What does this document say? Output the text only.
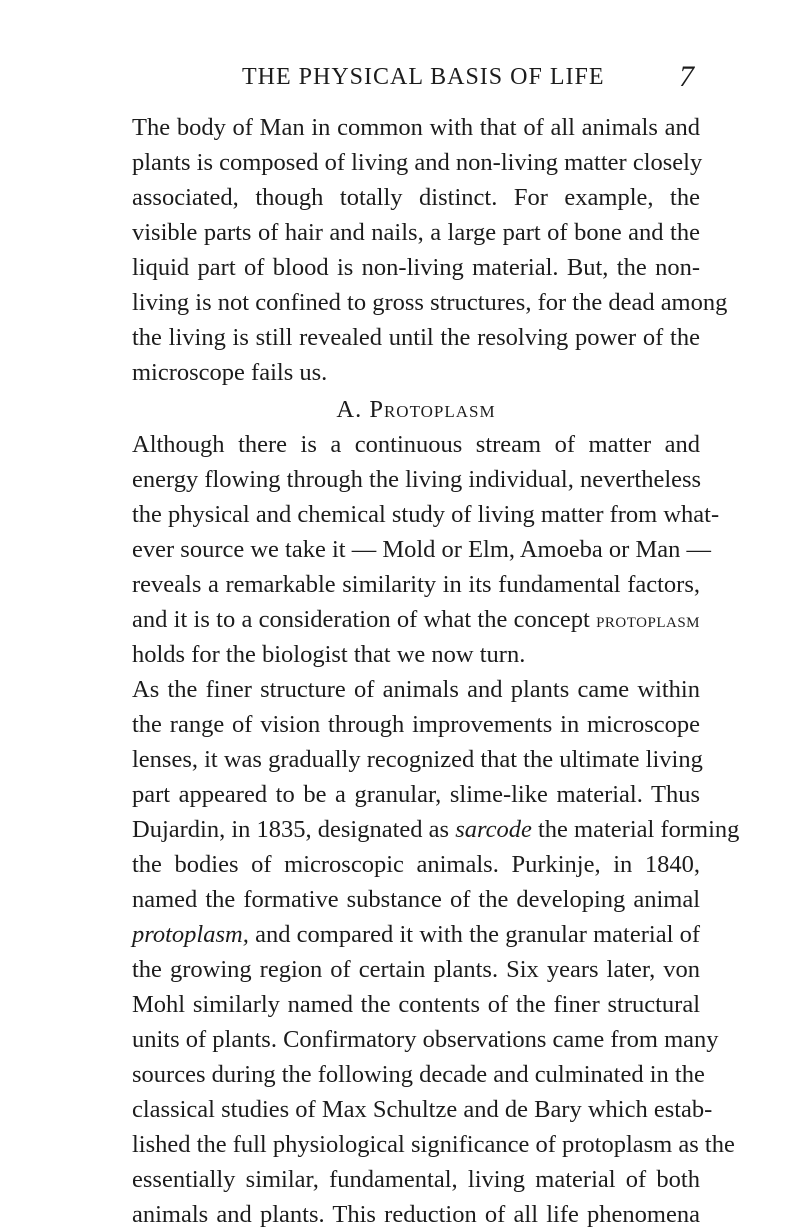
THE PHYSICAL BASIS OF LIFE 7
The body of Man in common with that of all animals and
plants is composed of living and non-living matter closely
associated, though totally distinct. For example, the
visible parts of hair and nails, a large part of bone and the
liquid part of blood is non-living material. But, the non-
living is not confined to gross structures, for the dead among
the living is still revealed until the resolving power of the
microscope fails us.
A. Protoplasm
Although there is a continuous stream of matter and
energy flowing through the living individual, nevertheless
the physical and chemical study of living matter from what-
ever source we take it — Mold or Elm, Amoeba or Man —
reveals a remarkable similarity in its fundamental factors,
and it is to a consideration of what the concept protoplasm
holds for the biologist that we now turn.
As the finer structure of animals and plants came within
the range of vision through improvements in microscope
lenses, it was gradually recognized that the ultimate living
part appeared to be a granular, slime-like material. Thus
Dujardin, in 1835, designated as sarcode the material forming
the bodies of microscopic animals. Purkinje, in 1840,
named the formative substance of the developing animal
protoplasm, and compared it with the granular material of
the growing region of certain plants. Six years later, von
Mohl similarly named the contents of the finer structural
units of plants. Confirmatory observations came from many
sources during the following decade and culminated in the
classical studies of Max Schultze and de Bary which estab-
lished the full physiological significance of protoplasm as the
essentially similar, fundamental, living material of both
animals and plants. This reduction of all life phenomena
